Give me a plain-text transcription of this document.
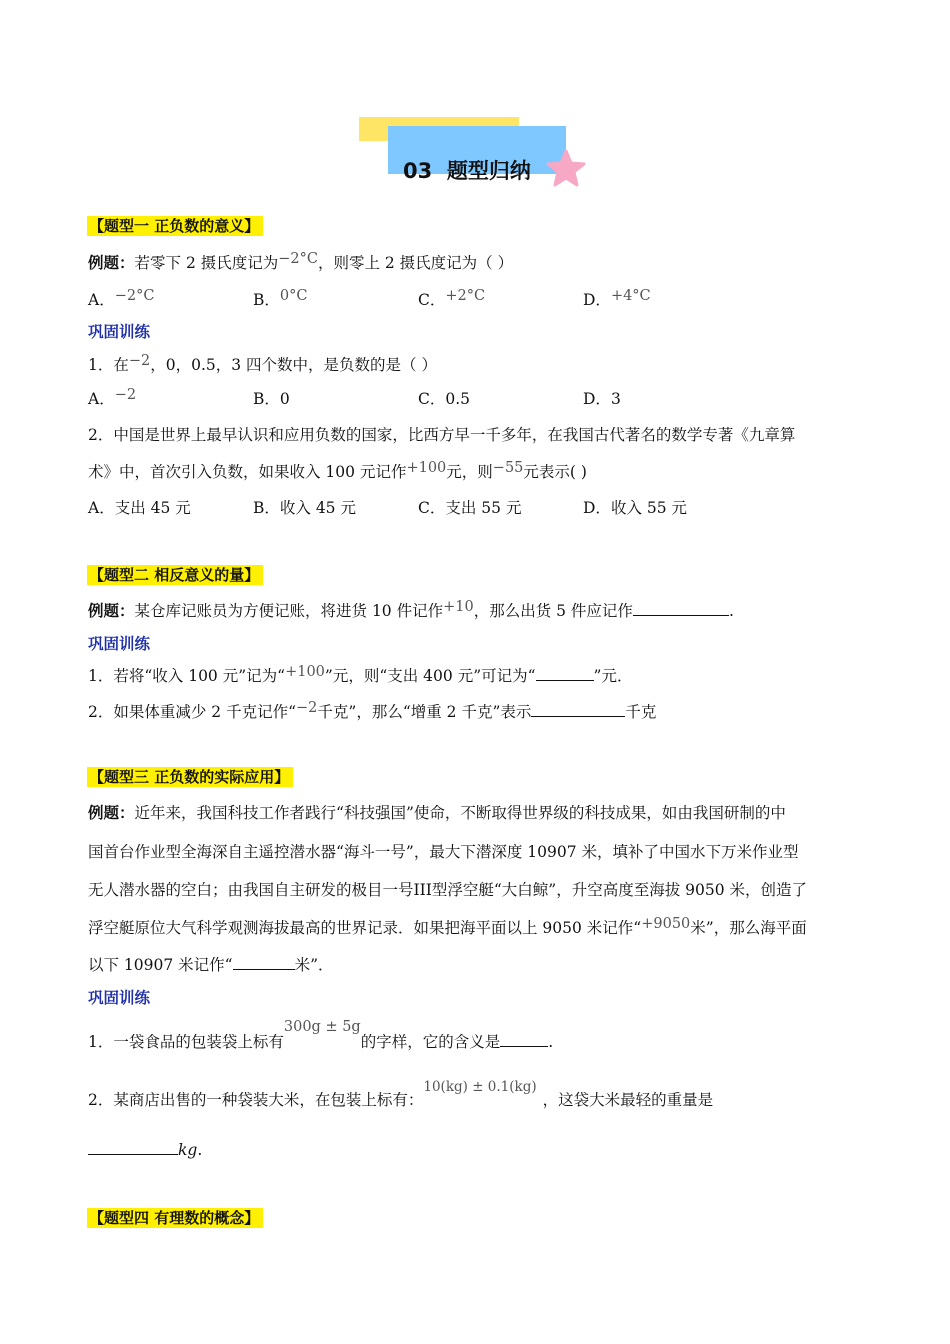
03 题型归纳
【题型一 正负数的意义】
例题：若零下 2 摄氏度记为−2°C，则零上 2 摄氏度记为（ ）
A．−2°C	B．0°C	C．+2°C	D．+4°C
巩固训练
1．在−2，0，0.5，3 四个数中，是负数的是（ ）
A．−2	B．0	C．0.5	D．3
2．中国是世界上最早认识和应用负数的国家，比西方早一千多年，在我国古代著名的数学专著《九章算
术》中，首次引入负数，如果收入 100 元记作+100元，则−55元表示( )
A．支出 45 元	B．收入 45 元	C．支出 55 元	D．收入 55 元
【题型二 相反意义的量】
例题：某仓库记账员为方便记账，将进货 10 件记作+10，那么出货 5 件应记作	.
巩固训练
1．若将“收入 100 元”记为“+100”元，则“支出 400 元”可记为“	”元．
2．如果体重减少 2 千克记作“−2千克”，那么“增重 2 千克”表示	千克
【题型三 正负数的实际应用】
例题：近年来，我国科技工作者践行“科技强国”使命，不断取得世界级的科技成果，如由我国研制的中
国首台作业型全海深自主遥控潜水器“海斗一号”，最大下潜深度 10907 米，填补了中国水下万米作业型
无人潜水器的空白；由我国自主研发的极目一号III型浮空艇“大白鲸”，升空高度至海拔 9050 米，创造了
浮空艇原位大气科学观测海拔最高的世界记录．如果把海平面以上 9050 米记作“+9050米”，那么海平面
以下 10907 米记作“	米”．
巩固训练
1．一袋食品的包装袋上标有300g ± 5g的字样，它的含义是	.
2．某商店出售的一种袋装大米，在包装上标有：10(kg) ± 0.1(kg)，这袋大米最轻的重量是
kg.
【题型四 有理数的概念】
